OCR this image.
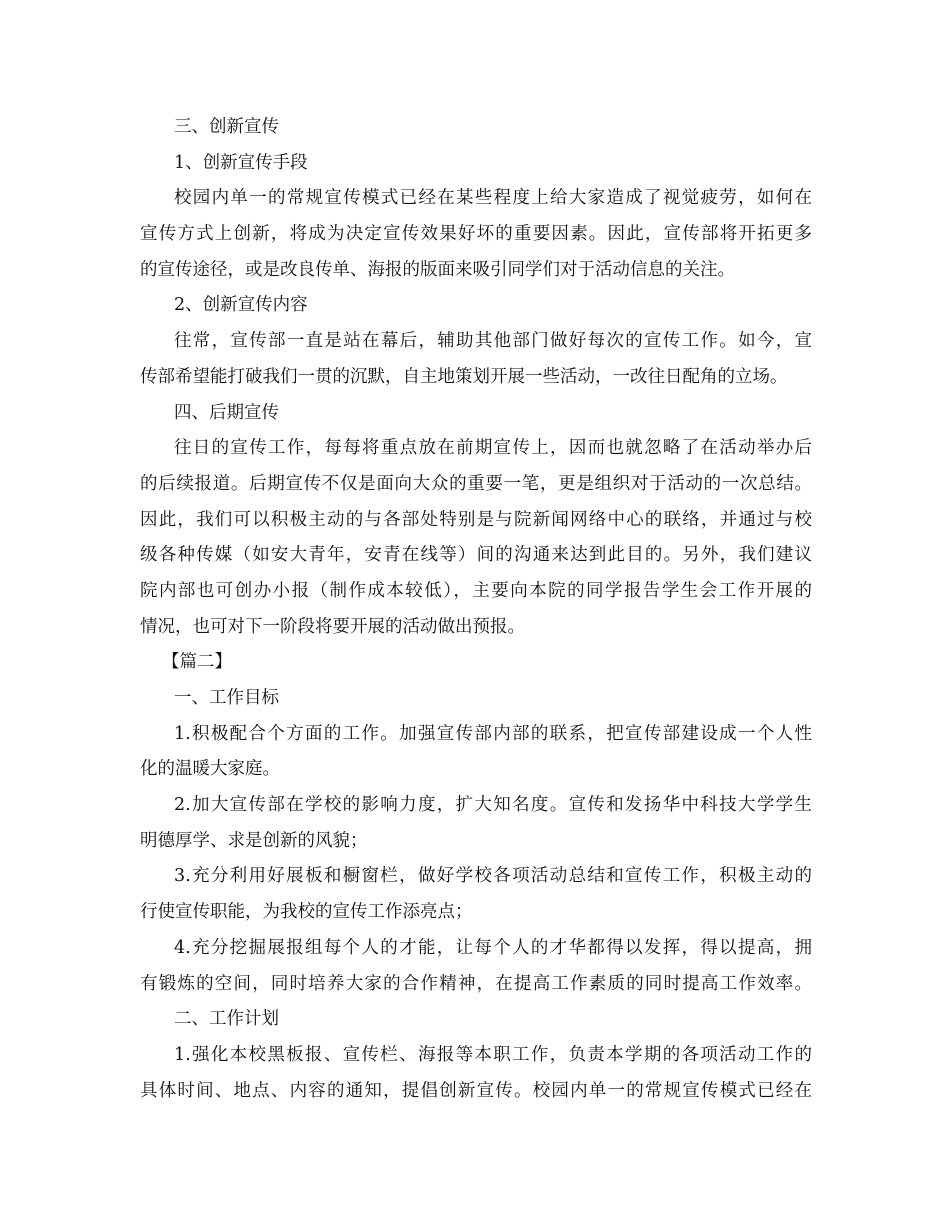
三、创新宣传
1、创新宣传手段
校园内单一的常规宣传模式已经在某些程度上给大家造成了视觉疲劳，如何在
宣传方式上创新，将成为决定宣传效果好坏的重要因素。因此，宣传部将开拓更多
的宣传途径，或是改良传单、海报的版面来吸引同学们对于活动信息的关注。
2、创新宣传内容
往常，宣传部一直是站在幕后，辅助其他部门做好每次的宣传工作。如今，宣
传部希望能打破我们一贯的沉默，自主地策划开展一些活动，一改往日配角的立场。
四、后期宣传
往日的宣传工作，每每将重点放在前期宣传上，因而也就忽略了在活动举办后
的后续报道。后期宣传不仅是面向大众的重要一笔，更是组织对于活动的一次总结。
因此，我们可以积极主动的与各部处特别是与院新闻网络中心的联络，并通过与校
级各种传媒（如安大青年，安青在线等）间的沟通来达到此目的。另外，我们建议
院内部也可创办小报（制作成本较低），主要向本院的同学报告学生会工作开展的
情况，也可对下一阶段将要开展的活动做出预报。
【篇二】
一、工作目标
1.积极配合个方面的工作。加强宣传部内部的联系，把宣传部建设成一个人性
化的温暖大家庭。
2.加大宣传部在学校的影响力度，扩大知名度。宣传和发扬华中科技大学学生
明德厚学、求是创新的风貌；
3.充分利用好展板和橱窗栏，做好学校各项活动总结和宣传工作，积极主动的
行使宣传职能，为我校的宣传工作添亮点；
4.充分挖掘展报组每个人的才能，让每个人的才华都得以发挥，得以提高，拥
有锻炼的空间，同时培养大家的合作精神，在提高工作素质的同时提高工作效率。
二、工作计划
1.强化本校黑板报、宣传栏、海报等本职工作，负责本学期的各项活动工作的
具体时间、地点、内容的通知，提倡创新宣传。校园内单一的常规宣传模式已经在
